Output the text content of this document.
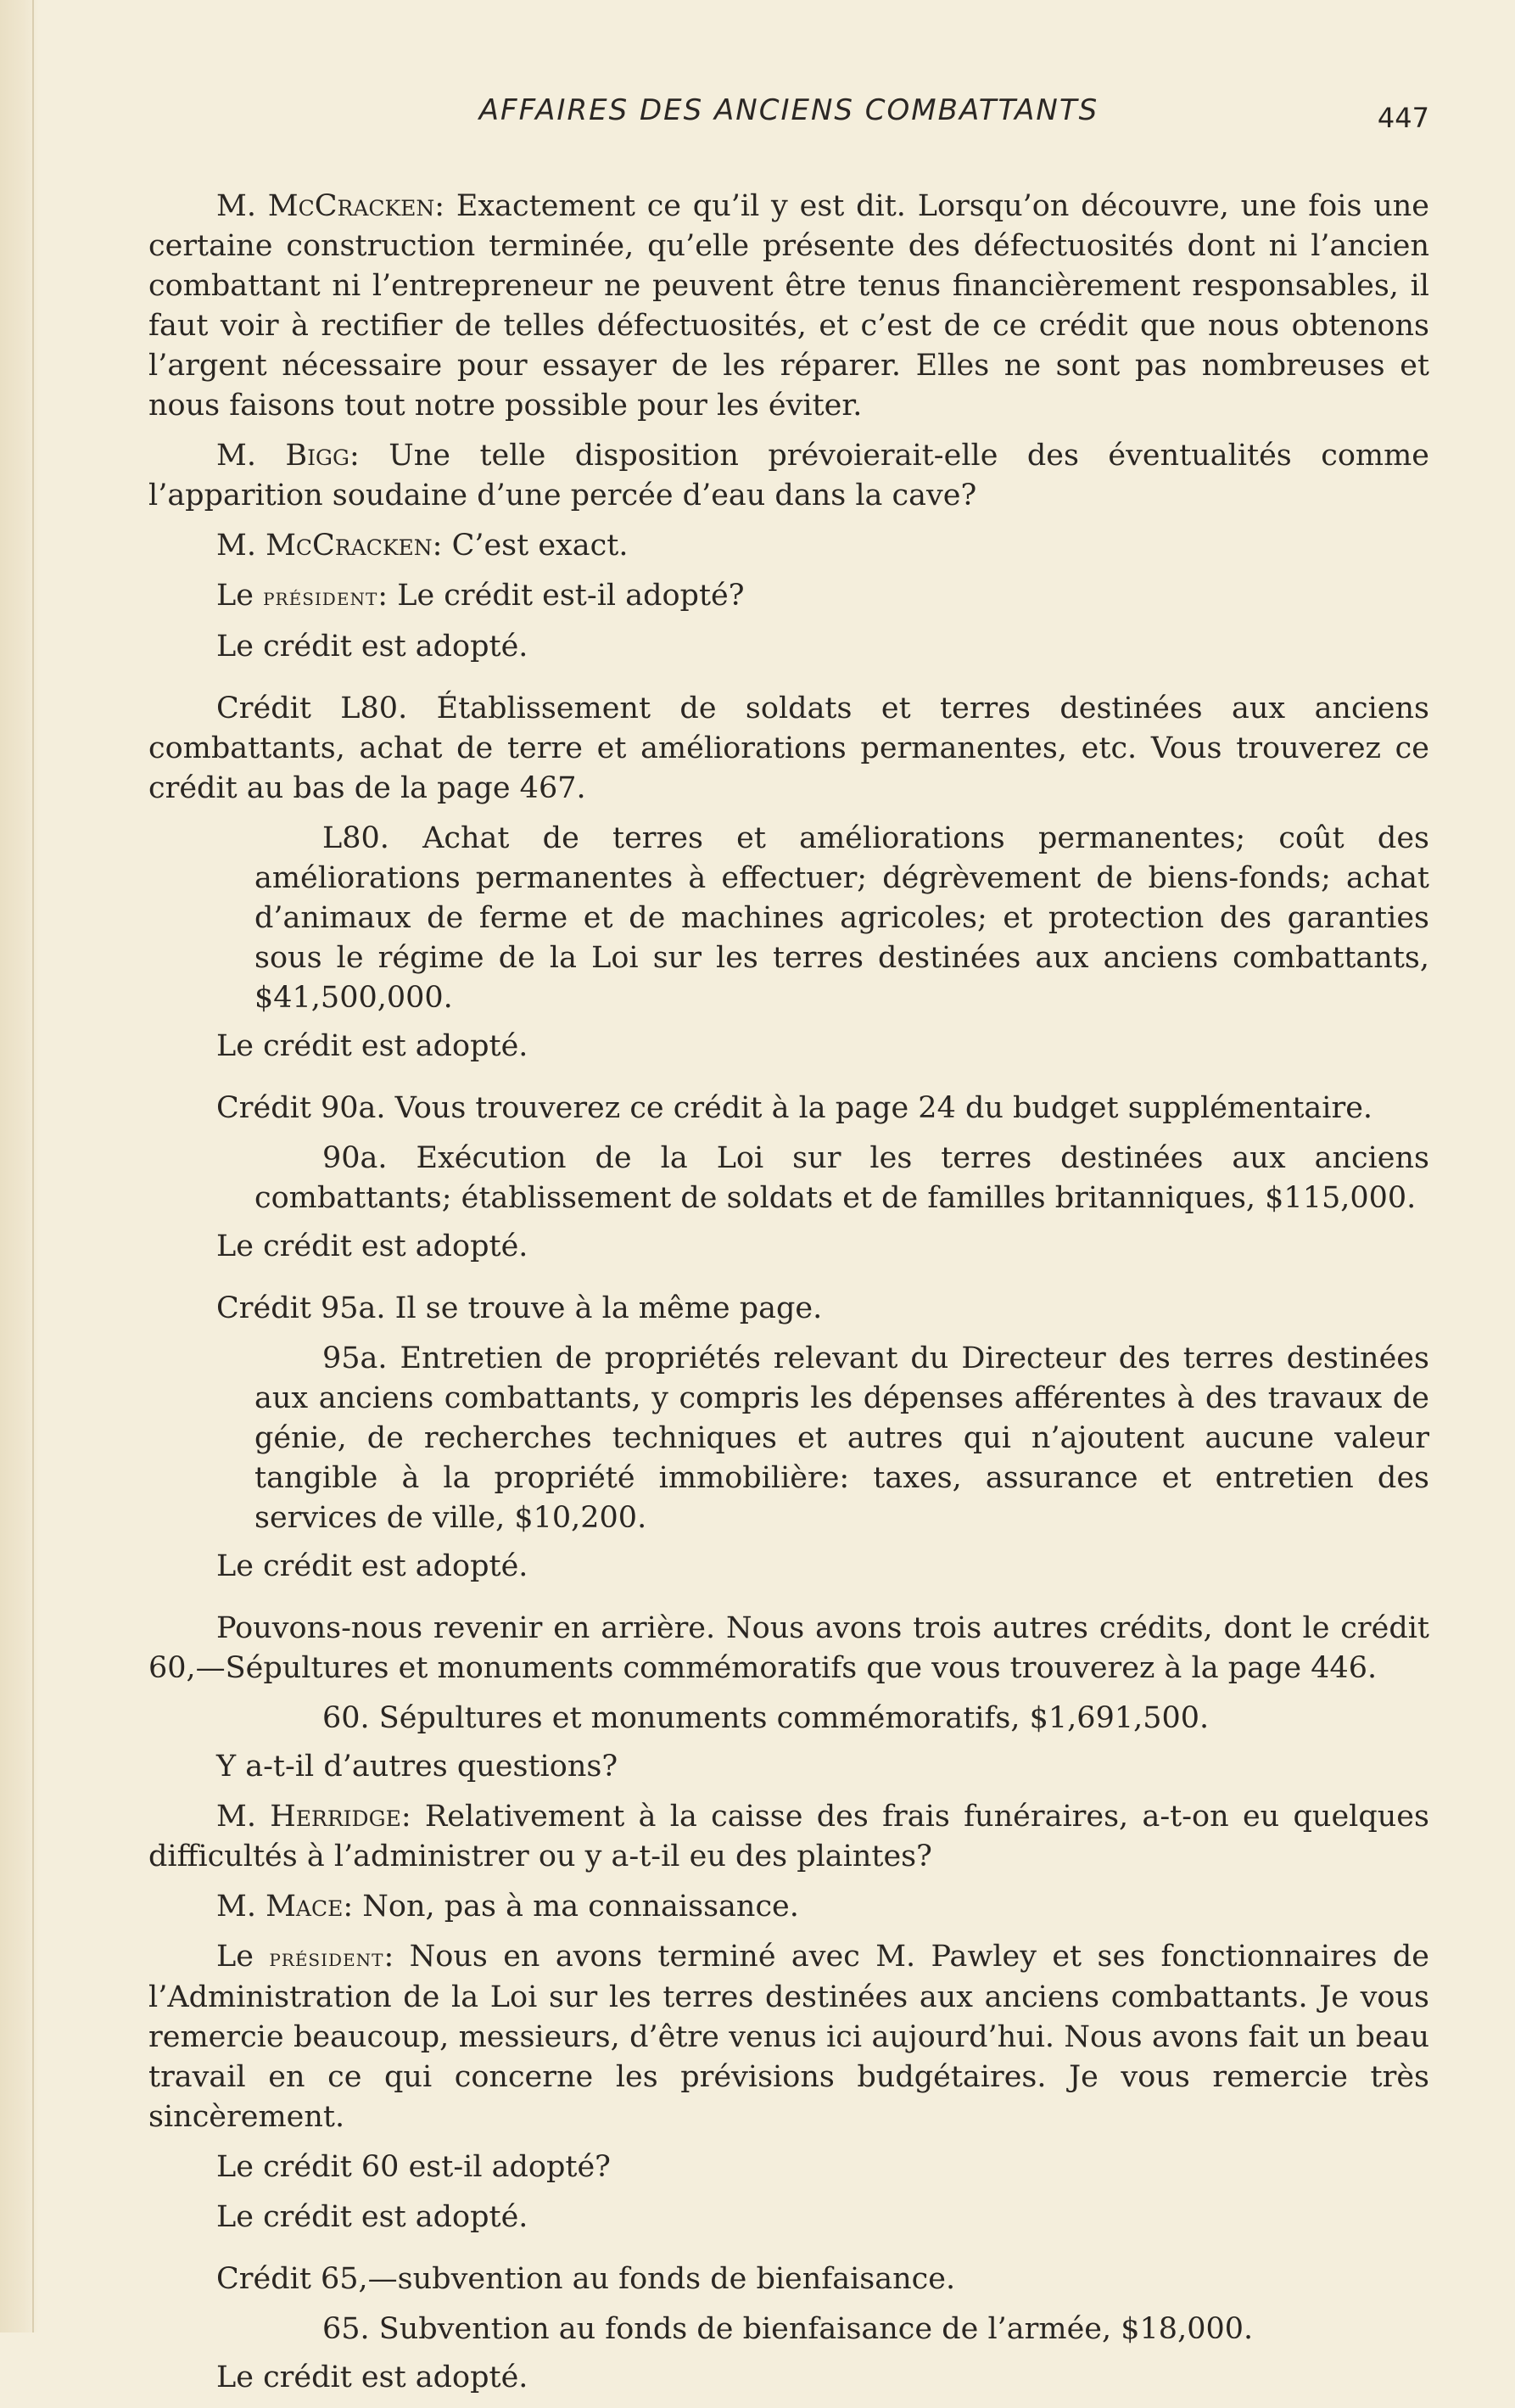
AFFAIRES DES ANCIENS COMBATTANTS	447

M. McCracken: Exactement ce qu’il y est dit. Lorsqu’on découvre, une fois une certaine construction terminée, qu’elle présente des défectuosités dont ni l’ancien combattant ni l’entrepreneur ne peuvent être tenus financièrement responsables, il faut voir à rectifier de telles défectuosités, et c’est de ce crédit que nous obtenons l’argent nécessaire pour essayer de les réparer. Elles ne sont pas nombreuses et nous faisons tout notre possible pour les éviter.

M. Bigg: Une telle disposition prévoierait-elle des éventualités comme l’apparition soudaine d’une percée d’eau dans la cave?

M. McCracken: C’est exact.

Le président: Le crédit est-il adopté?

Le crédit est adopté.

Crédit L80. Établissement de soldats et terres destinées aux anciens combattants, achat de terre et améliorations permanentes, etc. Vous trouverez ce crédit au bas de la page 467.

L80. Achat de terres et améliorations permanentes; coût des améliorations permanentes à effectuer; dégrèvement de biens-fonds; achat d’animaux de ferme et de machines agricoles; et protection des garanties sous le régime de la Loi sur les terres destinées aux anciens combattants, $41,500,000.

Le crédit est adopté.

Crédit 90a. Vous trouverez ce crédit à la page 24 du budget supplémentaire.

90a. Exécution de la Loi sur les terres destinées aux anciens combattants; établissement de soldats et de familles britanniques, $115,000.

Le crédit est adopté.

Crédit 95a. Il se trouve à la même page.

95a. Entretien de propriétés relevant du Directeur des terres destinées aux anciens combattants, y compris les dépenses afférentes à des travaux de génie, de recherches techniques et autres qui n’ajoutent aucune valeur tangible à la propriété immobilière: taxes, assurance et entretien des services de ville, $10,200.

Le crédit est adopté.

Pouvons-nous revenir en arrière. Nous avons trois autres crédits, dont le crédit 60,—Sépultures et monuments commémoratifs que vous trouverez à la page 446.

60. Sépultures et monuments commémoratifs, $1,691,500.

Y a-t-il d’autres questions?

M. Herridge: Relativement à la caisse des frais funéraires, a-t-on eu quelques difficultés à l’administrer ou y a-t-il eu des plaintes?

M. Mace: Non, pas à ma connaissance.

Le président: Nous en avons terminé avec M. Pawley et ses fonctionnaires de l’Administration de la Loi sur les terres destinées aux anciens combattants. Je vous remercie beaucoup, messieurs, d’être venus ici aujourd’hui. Nous avons fait un beau travail en ce qui concerne les prévisions budgétaires. Je vous remercie très sincèrement.

Le crédit 60 est-il adopté?

Le crédit est adopté.

Crédit 65,—subvention au fonds de bienfaisance.

65. Subvention au fonds de bienfaisance de l’armée, $18,000.

Le crédit est adopté.
